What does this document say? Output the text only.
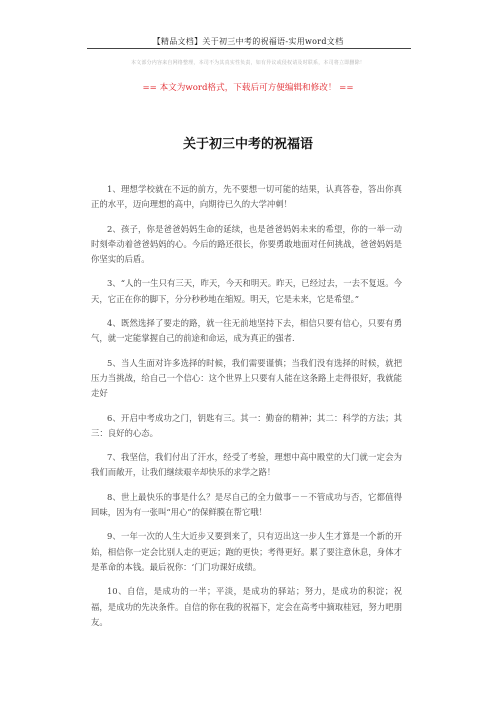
【精品文档】关于初三中考的祝福语-实用word文档
本文部分内容来自网络整理，本司不为其真实性负责，如有异议或侵权请及时联系，本司将立即删除！
== 本文为word格式，下载后可方便编辑和修改！ ==
关于初三中考的祝福语

1、理想学校就在不远的前方，先不要想一切可能的结果，认真答卷，答出你真正的水平，迈向理想的高中，向期待已久的大学冲刺！

2、孩子，你是爸爸妈妈生命的延续，也是爸爸妈妈未来的希望，你的一举一动时刻牵动着爸爸妈妈的心。今后的路还很长，你要勇敢地面对任何挑战，爸爸妈妈是你坚实的后盾。

3、“人的一生只有三天，昨天，今天和明天。昨天，已经过去，一去不复返。今天，它正在你的脚下，分分秒秒地在缩短。明天，它是未来，它是希望。”

4、既然选择了要走的路，就一往无前地坚持下去，相信只要有信心，只要有勇气，就一定能掌握自己的前途和命运，成为真正的强者.

5、当人生面对许多选择的时候，我们需要谨慎；当我们没有选择的时候，就把压力当挑战，给自己一个信心：这个世界上只要有人能在这条路上走得很好，我就能走好

6、开启中考成功之门，钥匙有三。其一：勤奋的精神；其二：科学的方法；其三：良好的心态。

7、我坚信，我们付出了汗水，经受了考验，理想中高中殿堂的大门就一定会为我们而敞开，让我们继续艰辛却快乐的求学之路！

8、世上最快乐的事是什么？是尽自己的全力做事－－不管成功与否，它都值得回味，因为有一张叫“用心”的保鲜膜在帮它哦！

9、一年一次的人生大近步又要到来了，只有迈出这一步人生才算是一个新的开始，相信你一定会比别人走的更远；跑的更快；考得更好。累了要注意休息，身体才是革命的本钱。最后祝你：‘门门功课好成绩。

10、自信，是成功的一半；平淡，是成功的驿站；努力，是成功的积淀；祝福，是成功的先决条件。自信的你在我的祝福下，定会在高考中摘取桂冠，努力吧朋友。
